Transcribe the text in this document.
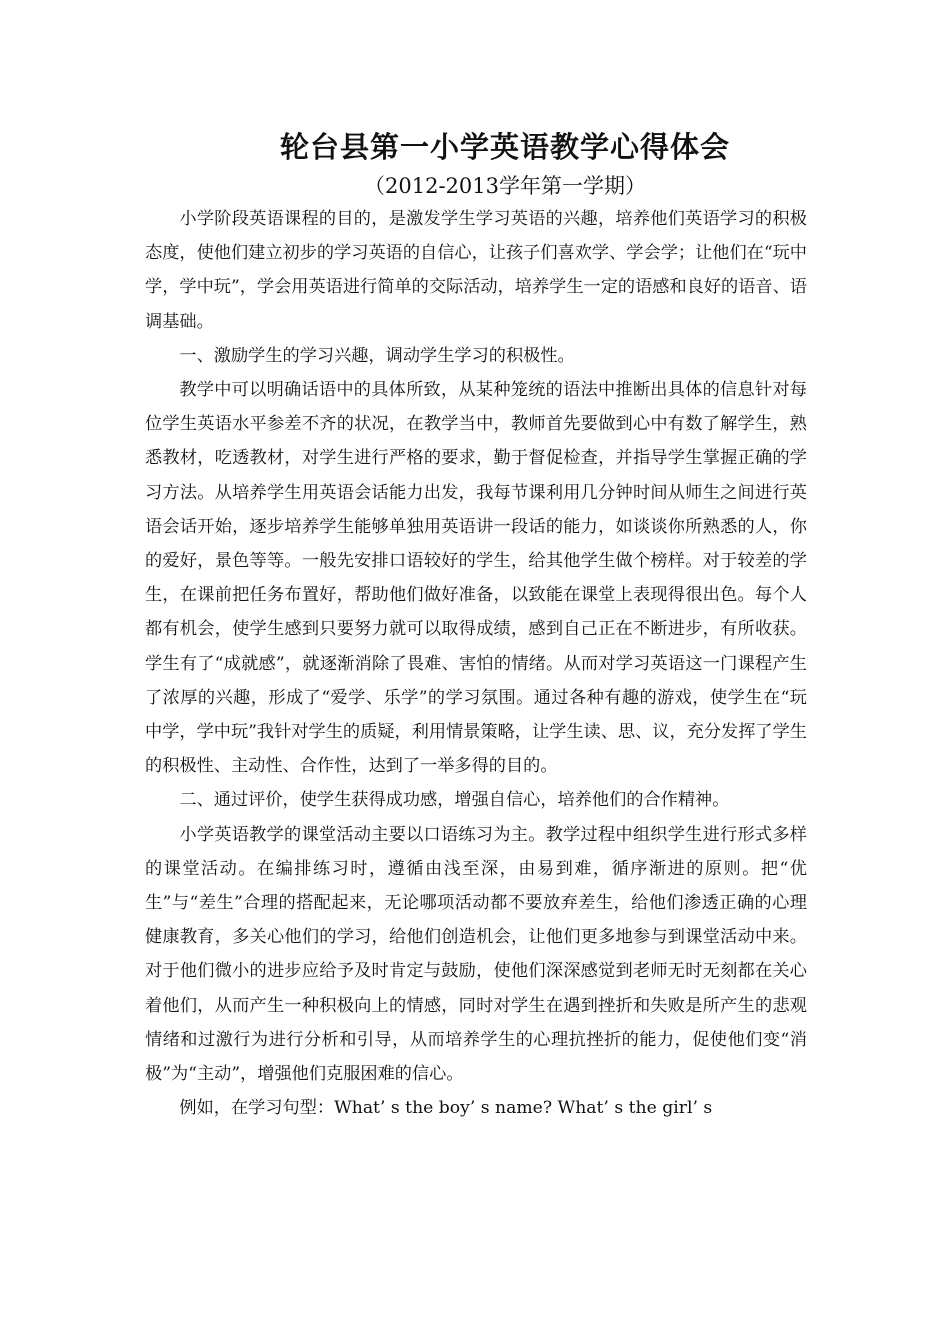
轮台县第一小学英语教学心得体会
（2012-2013学年第一学期）

小学阶段英语课程的目的，是激发学生学习英语的兴趣，培养他们英语学习的积极态度，使他们建立初步的学习英语的自信心，让孩子们喜欢学、学会学；让他们在“玩中学，学中玩”，学会用英语进行简单的交际活动，培养学生一定的语感和良好的语音、语调基础。

一、激励学生的学习兴趣，调动学生学习的积极性。

教学中可以明确话语中的具体所致，从某种笼统的语法中推断出具体的信息针对每位学生英语水平参差不齐的状况，在教学当中，教师首先要做到心中有数了解学生，熟悉教材，吃透教材，对学生进行严格的要求，勤于督促检查，并指导学生掌握正确的学习方法。从培养学生用英语会话能力出发，我每节课利用几分钟时间从师生之间进行英语会话开始，逐步培养学生能够单独用英语讲一段话的能力，如谈谈你所熟悉的人，你的爱好，景色等等。一般先安排口语较好的学生，给其他学生做个榜样。对于较差的学生，在课前把任务布置好，帮助他们做好准备，以致能在课堂上表现得很出色。每个人都有机会，使学生感到只要努力就可以取得成绩，感到自己正在不断进步，有所收获。学生有了“成就感”，就逐渐消除了畏难、害怕的情绪。从而对学习英语这一门课程产生了浓厚的兴趣，形成了“爱学、乐学”的学习氛围。通过各种有趣的游戏，使学生在“玩中学，学中玩”我针对学生的质疑，利用情景策略，让学生读、思、议，充分发挥了学生的积极性、主动性、合作性，达到了一举多得的目的。

二、通过评价，使学生获得成功感，增强自信心，培养他们的合作精神。

小学英语教学的课堂活动主要以口语练习为主。教学过程中组织学生进行形式多样的课堂活动。在编排练习时，遵循由浅至深，由易到难，循序渐进的原则。把“优生”与“差生”合理的搭配起来，无论哪项活动都不要放弃差生，给他们渗透正确的心理健康教育，多关心他们的学习，给他们创造机会，让他们更多地参与到课堂活动中来。对于他们微小的进步应给予及时肯定与鼓励，使他们深深感觉到老师无时无刻都在关心着他们，从而产生一种积极向上的情感，同时对学生在遇到挫折和失败是所产生的悲观情绪和过激行为进行分析和引导，从而培养学生的心理抗挫折的能力，促使他们变“消极”为“主动”，增强他们克服困难的信心。

例如，在学习句型：What’ s the boy’ s name? What’ s the girl’ s
